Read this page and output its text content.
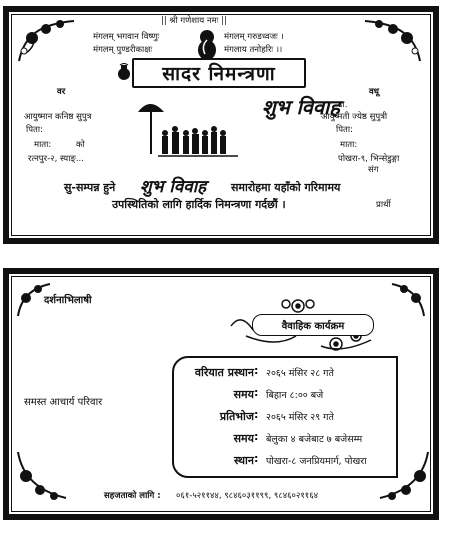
|| श्री गणेशाय नमः ||
मंगलम् भगवान विष्णुः	मंगलम् गरुडध्वजः ।
मंगलम् पुण्डरीकाक्षः	मंगलाय तनोहरिः ।।
सादर निमन्त्रणा
वर
आयुष्मान कनिष्ठ सुपुत्र
पिता:
माता:	को
रत्नपुर-२, स्याङ्...
वधू
डा.
आयुष्मती ज्येष्ठ सुपुत्री
पिता:
माता:
पोखरा-९, भिन्सेडुङ्गा
संग
शुभ विवाह
सु-सम्पन्न हुने शुभ विवाह समारोहमा यहाँको गरिमामय
उपस्थितिको लागि हार्दिक निमन्त्रणा गर्दछौं ।	प्रार्थी
दर्शनाभिलाषी
समस्त आचार्य परिवार
वैवाहिक कार्यक्रम
वरियात प्रस्थान : २०६५ मंसिर २८ गते
समय : बिहान ८:०० बजे
प्रतिभोज : २०६५ मंसिर २९ गते
समय : बेलुका ४ बजेबाट ७ बजेसम्म
स्थान : पोखरा-८ जनप्रियमार्ग, पोखरा
सहजताको लागि : ०६१-५२११४४, ९८४६०३११९९, ९८४६०२११६४
